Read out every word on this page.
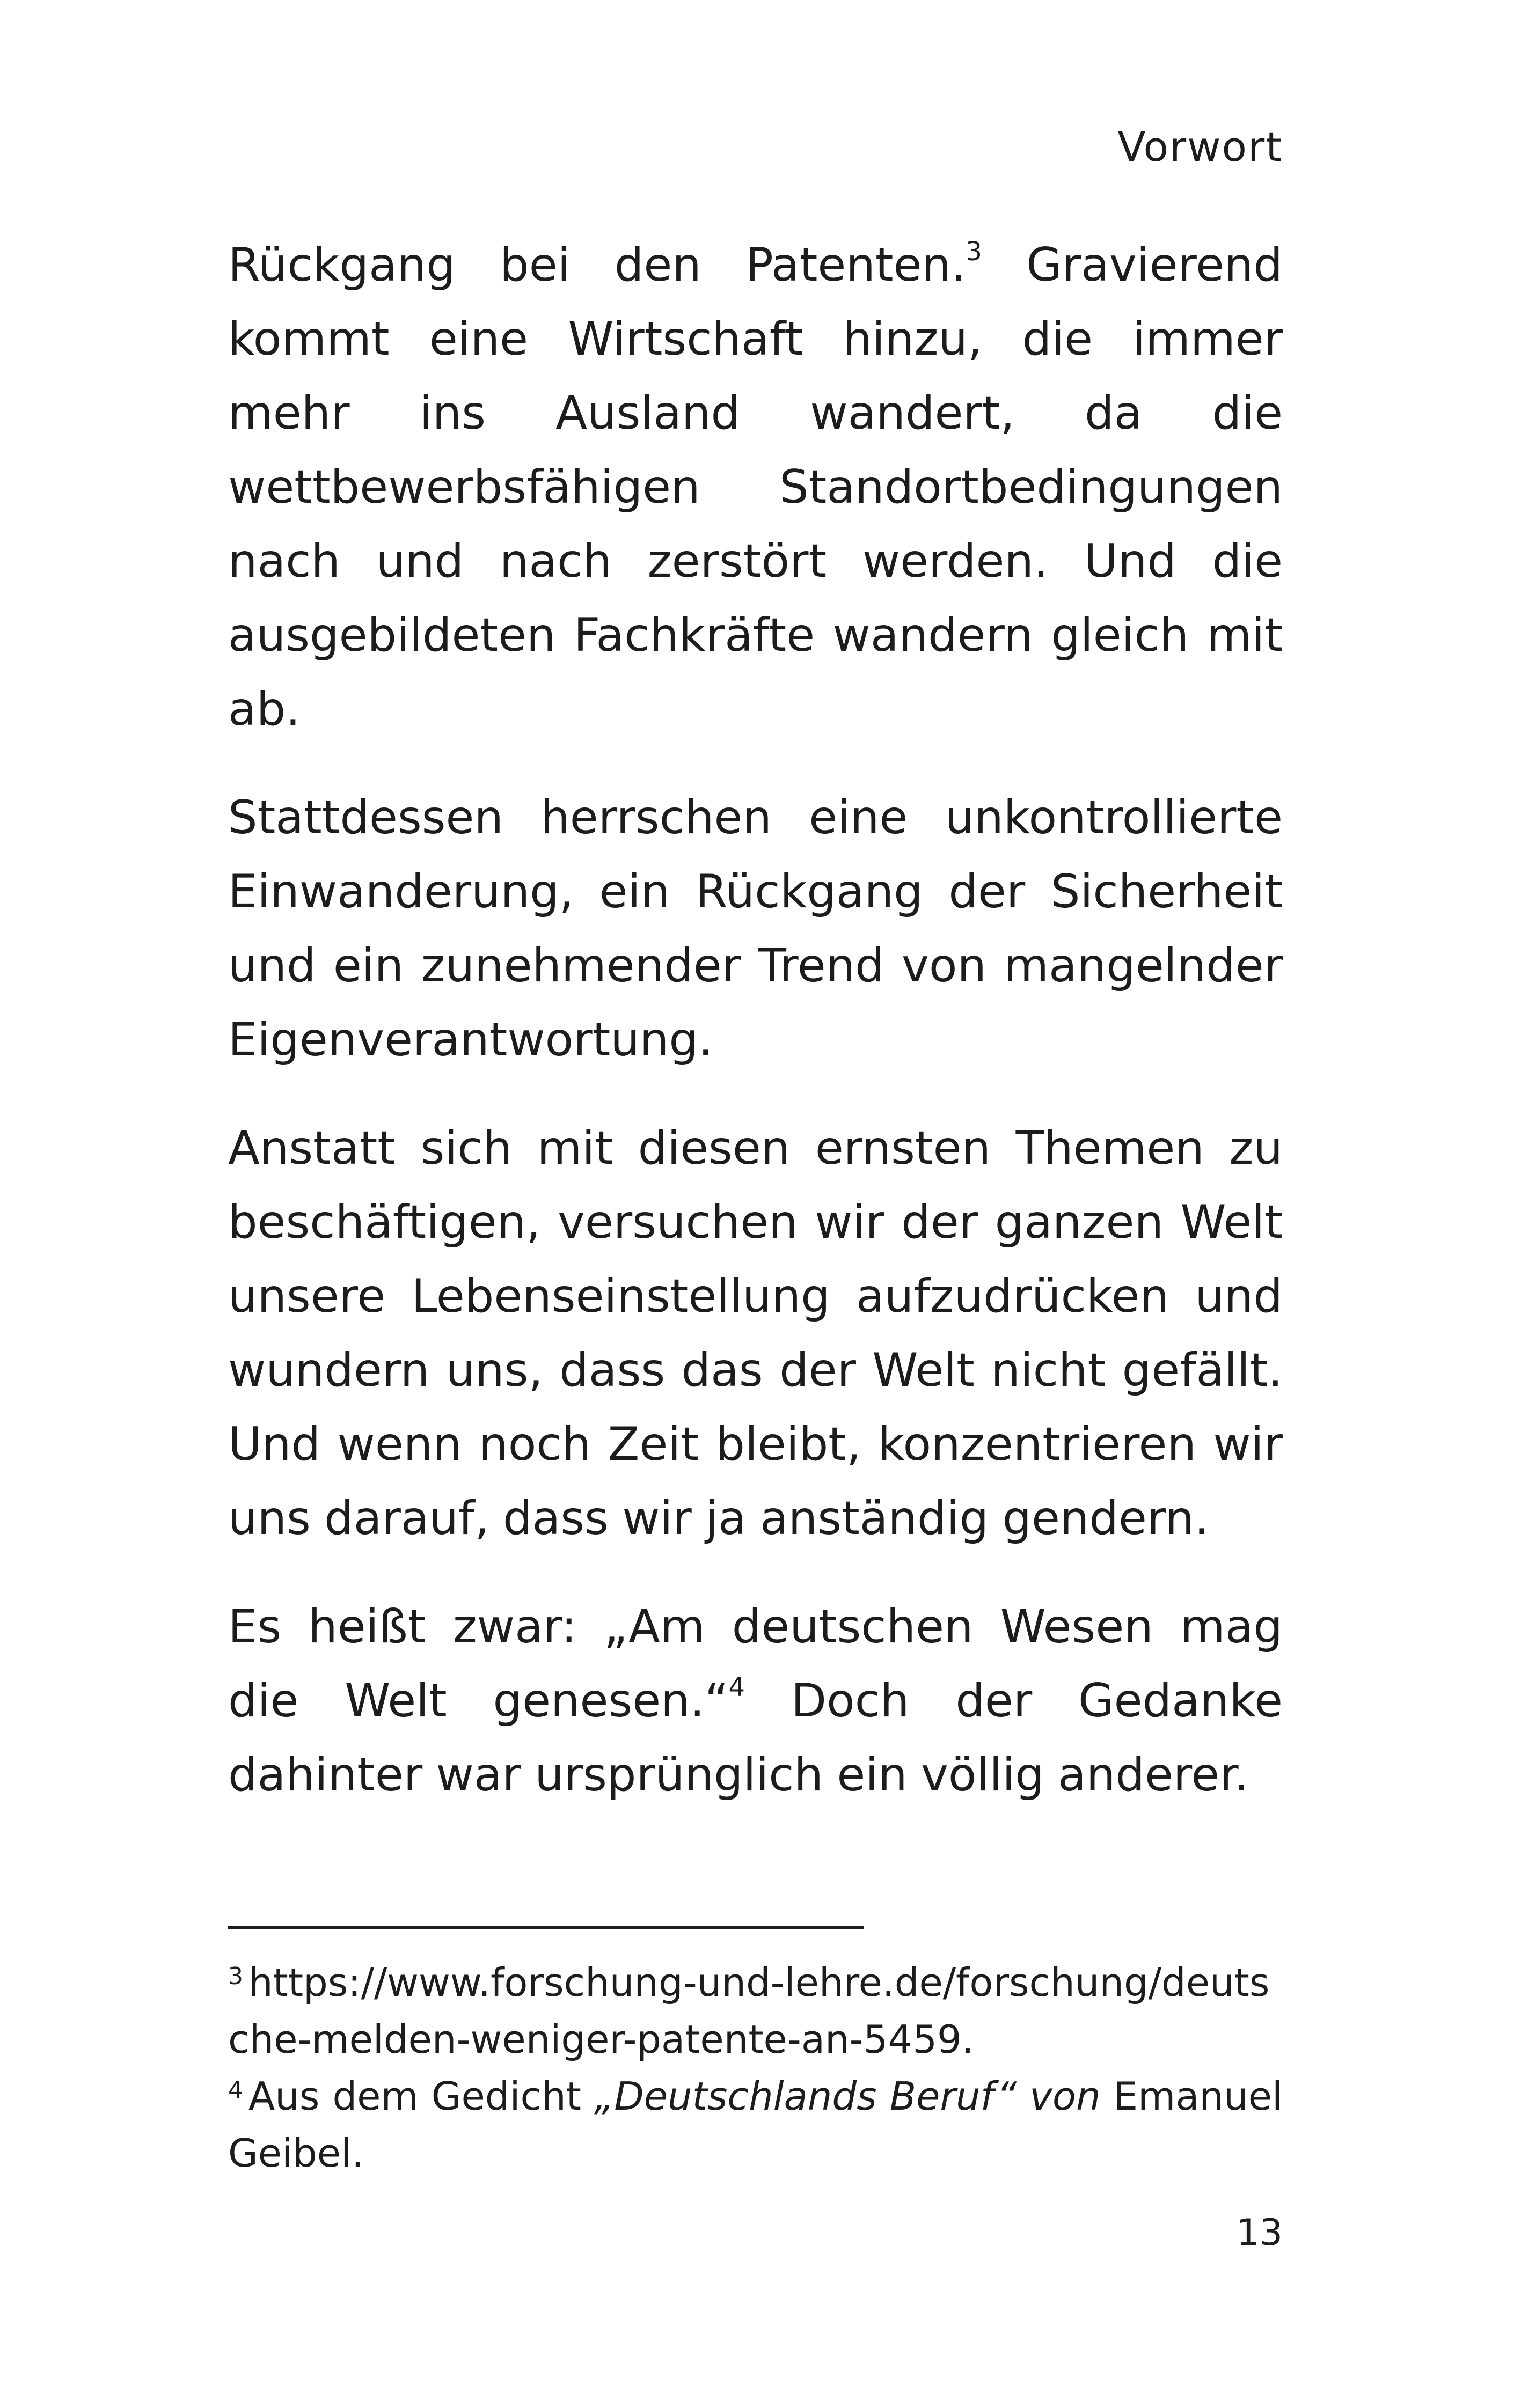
Vorwort

Rückgang bei den Patenten.$^3$ Gravierend kommt eine Wirtschaft hinzu, die immer mehr ins Ausland wandert, da die wettbewerbsfähigen Standortbedingungen nach und nach zerstört werden. Und die ausgebildeten Fachkräfte wandern gleich mit ab.

Stattdessen herrschen eine unkontrollierte Einwanderung, ein Rückgang der Sicherheit und ein zunehmender Trend von mangelnder Eigenverantwortung.

Anstatt sich mit diesen ernsten Themen zu beschäftigen, versuchen wir der ganzen Welt unsere Lebenseinstellung aufzudrücken und wundern uns, dass das der Welt nicht gefällt. Und wenn noch Zeit bleibt, konzentrieren wir uns darauf, dass wir ja anständig gendern.

Es heißt zwar: „Am deutschen Wesen mag die Welt genesen.“$^4$ Doch der Gedanke dahinter war ursprünglich ein völlig anderer.

$^3$ https://www.forschung-und-lehre.de/forschung/deutsche-melden-weniger-patente-an-5459.

$^4$ Aus dem Gedicht „Deutschlands Beruf“ von Emanuel Geibel.

13
